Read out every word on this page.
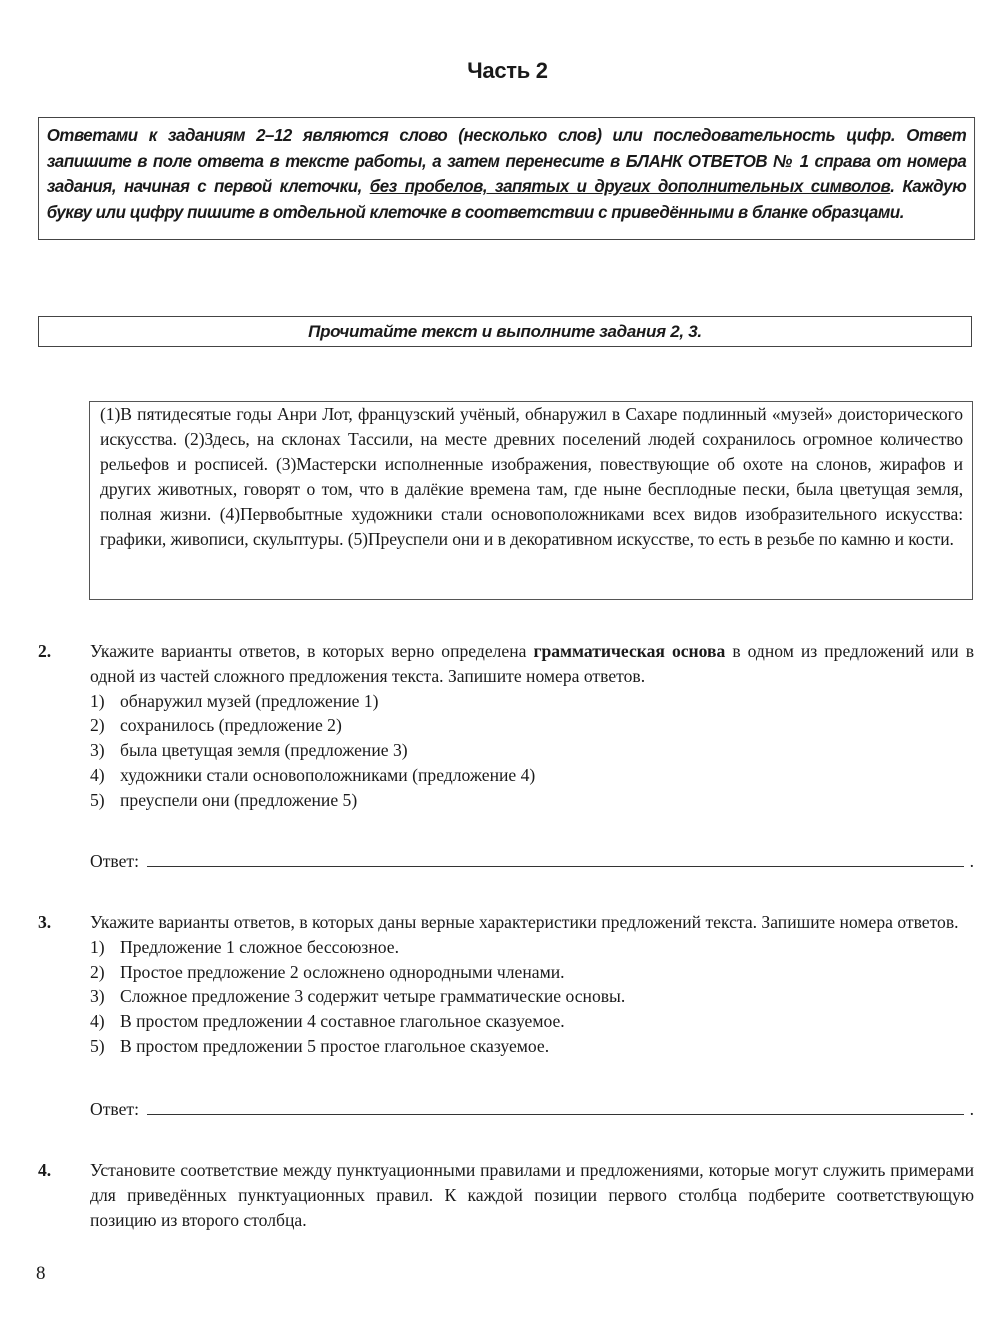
Часть 2
Ответами к заданиям 2–12 являются слово (несколько слов) или последовательность цифр. Ответ запишите в поле ответа в тексте работы, а затем перенесите в БЛАНК ОТВЕТОВ № 1 справа от номера задания, начиная с первой клеточки, без пробелов, запятых и других дополнительных символов. Каждую букву или цифру пишите в отдельной клеточке в соответствии с приведёнными в бланке образцами.
Прочитайте текст и выполните задания 2, 3.
(1)В пятидесятые годы Анри Лот, французский учёный, обнаружил в Сахаре подлинный «музей» доисторического искусства. (2)Здесь, на склонах Тассили, на месте древних поселений людей сохранилось огромное количество рельефов и росписей. (3)Мастерски исполненные изображения, повествующие об охоте на слонов, жирафов и других животных, говорят о том, что в далёкие времена там, где ныне бесплодные пески, была цветущая земля, полная жизни. (4)Первобытные художники стали основоположниками всех видов изобразительного искусства: графики, живописи, скульптуры. (5)Преуспели они и в декоративном искусстве, то есть в резьбе по камню и кости.
2. Укажите варианты ответов, в которых верно определена грамматическая основа в одном из предложений или в одной из частей сложного предложения текста. Запишите номера ответов.
1) обнаружил музей (предложение 1)
2) сохранилось (предложение 2)
3) была цветущая земля (предложение 3)
4) художники стали основоположниками (предложение 4)
5) преуспели они (предложение 5)
Ответ:	.
3. Укажите варианты ответов, в которых даны верные характеристики предложений текста. Запишите номера ответов.
1) Предложение 1 сложное бессоюзное.
2) Простое предложение 2 осложнено однородными членами.
3) Сложное предложение 3 содержит четыре грамматические основы.
4) В простом предложении 4 составное глагольное сказуемое.
5) В простом предложении 5 простое глагольное сказуемое.
Ответ:	.
4. Установите соответствие между пунктуационными правилами и предложениями, которые могут служить примерами для приведённых пунктуационных правил. К каждой позиции первого столбца подберите соответствующую позицию из второго столбца.
8
